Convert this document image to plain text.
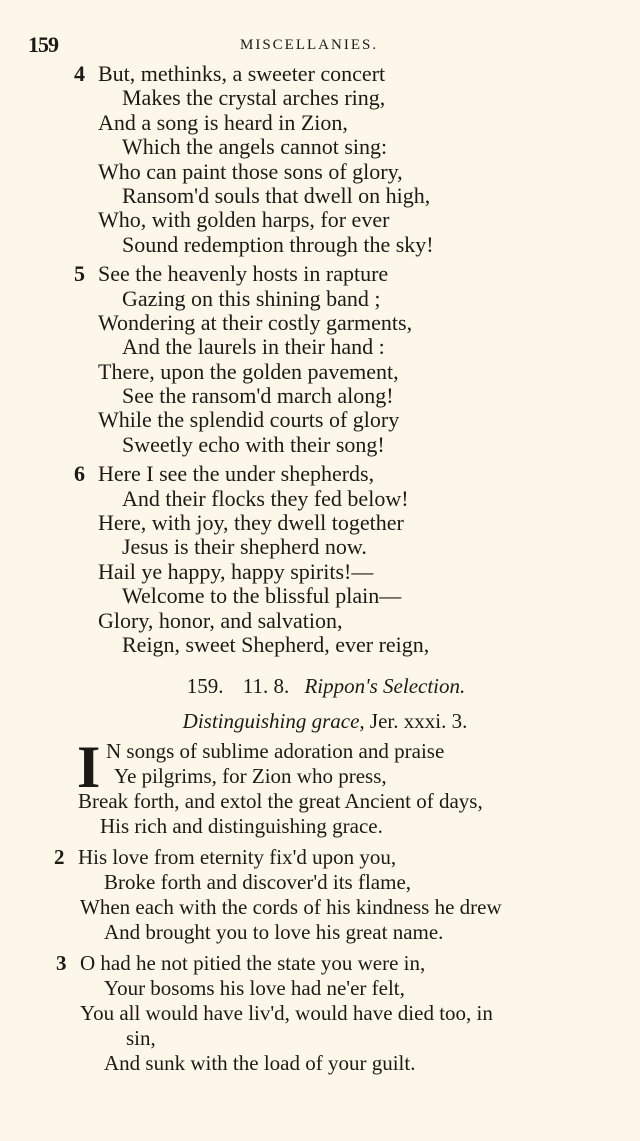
159	MISCELLANIES.
4 But, methinks, a sweeter concert
Makes the crystal arches ring,
And a song is heard in Zion,
Which the angels cannot sing:
Who can paint those sons of glory,
Ransom'd souls that dwell on high,
Who, with golden harps, for ever
Sound redemption through the sky!
5 See the heavenly hosts in rapture
Gazing on this shining band ;
Wondering at their costly garments,
And the laurels in their hand :
There, upon the golden pavement,
See the ransom'd march along!
While the splendid courts of glory
Sweetly echo with their song!
6 Here I see the under shepherds,
And their flocks they fed below!
Here, with joy, they dwell together
Jesus is their shepherd now.
Hail ye happy, happy spirits!—
Welcome to the blissful plain—
Glory, honor, and salvation,
Reign, sweet Shepherd, ever reign,
159. 11. 8. Rippon's Selection.
Distinguishing grace, Jer. xxxi. 3.
I N songs of sublime adoration and praise
Ye pilgrims, for Zion who press,
Break forth, and extol the great Ancient of days,
His rich and distinguishing grace.
2 His love from eternity fix'd upon you,
Broke forth and discover'd its flame,
When each with the cords of his kindness he drew
And brought you to love his great name.
3 O had he not pitied the state you were in,
Your bosoms his love had ne'er felt,
You all would have liv'd, would have died too, in
sin,
And sunk with the load of your guilt.
